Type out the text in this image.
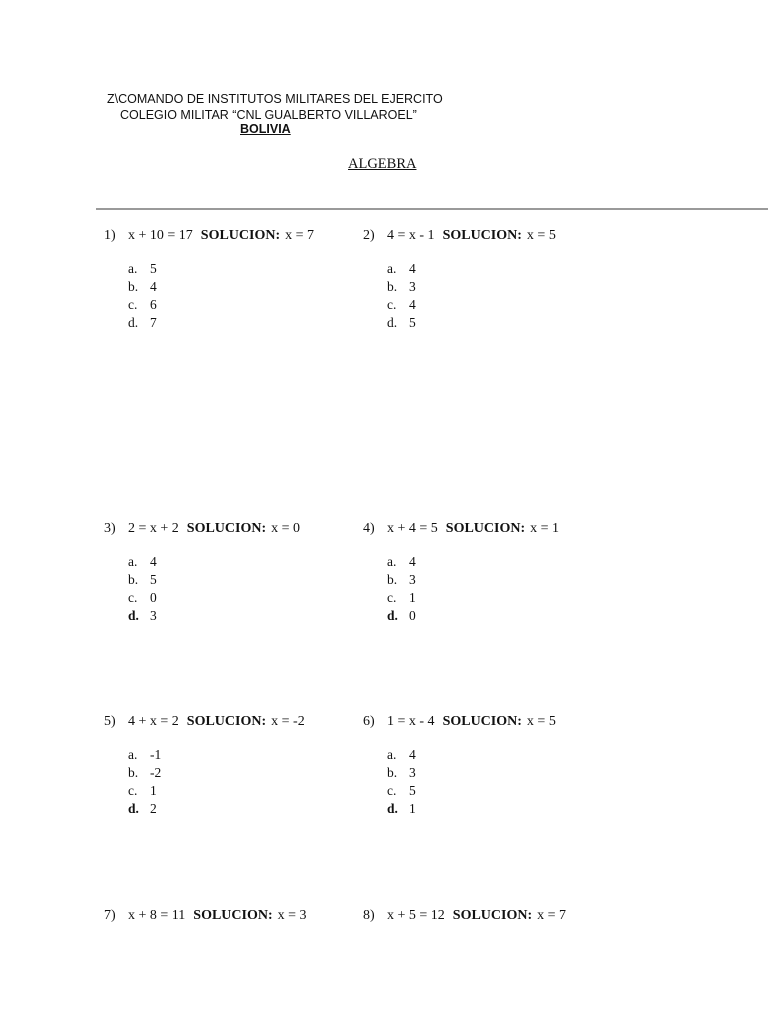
Z\COMANDO DE INSTITUTOS MILITARES DEL EJERCITO
COLEGIO MILITAR “CNL GUALBERTO VILLAROEL”
BOLIVIA
ALGEBRA
1) x + 10 = 17 SOLUCION: x = 7
a. 5
b. 4
c. 6
d. 7
2) 4 = x - 1 SOLUCION: x = 5
a. 4
b. 3
c. 4
d. 5
3) 2 = x + 2 SOLUCION: x = 0
a. 4
b. 5
c. 0
d. 3
4) x + 4 = 5 SOLUCION: x = 1
a. 4
b. 3
c. 1
d. 0
5) 4 + x = 2 SOLUCION: x = -2
a. -1
b. -2
c. 1
d. 2
6) 1 = x - 4 SOLUCION: x = 5
a. 4
b. 3
c. 5
d. 1
7) x + 8 = 11 SOLUCION: x = 3	8) x + 5 = 12 SOLUCION: x = 7
